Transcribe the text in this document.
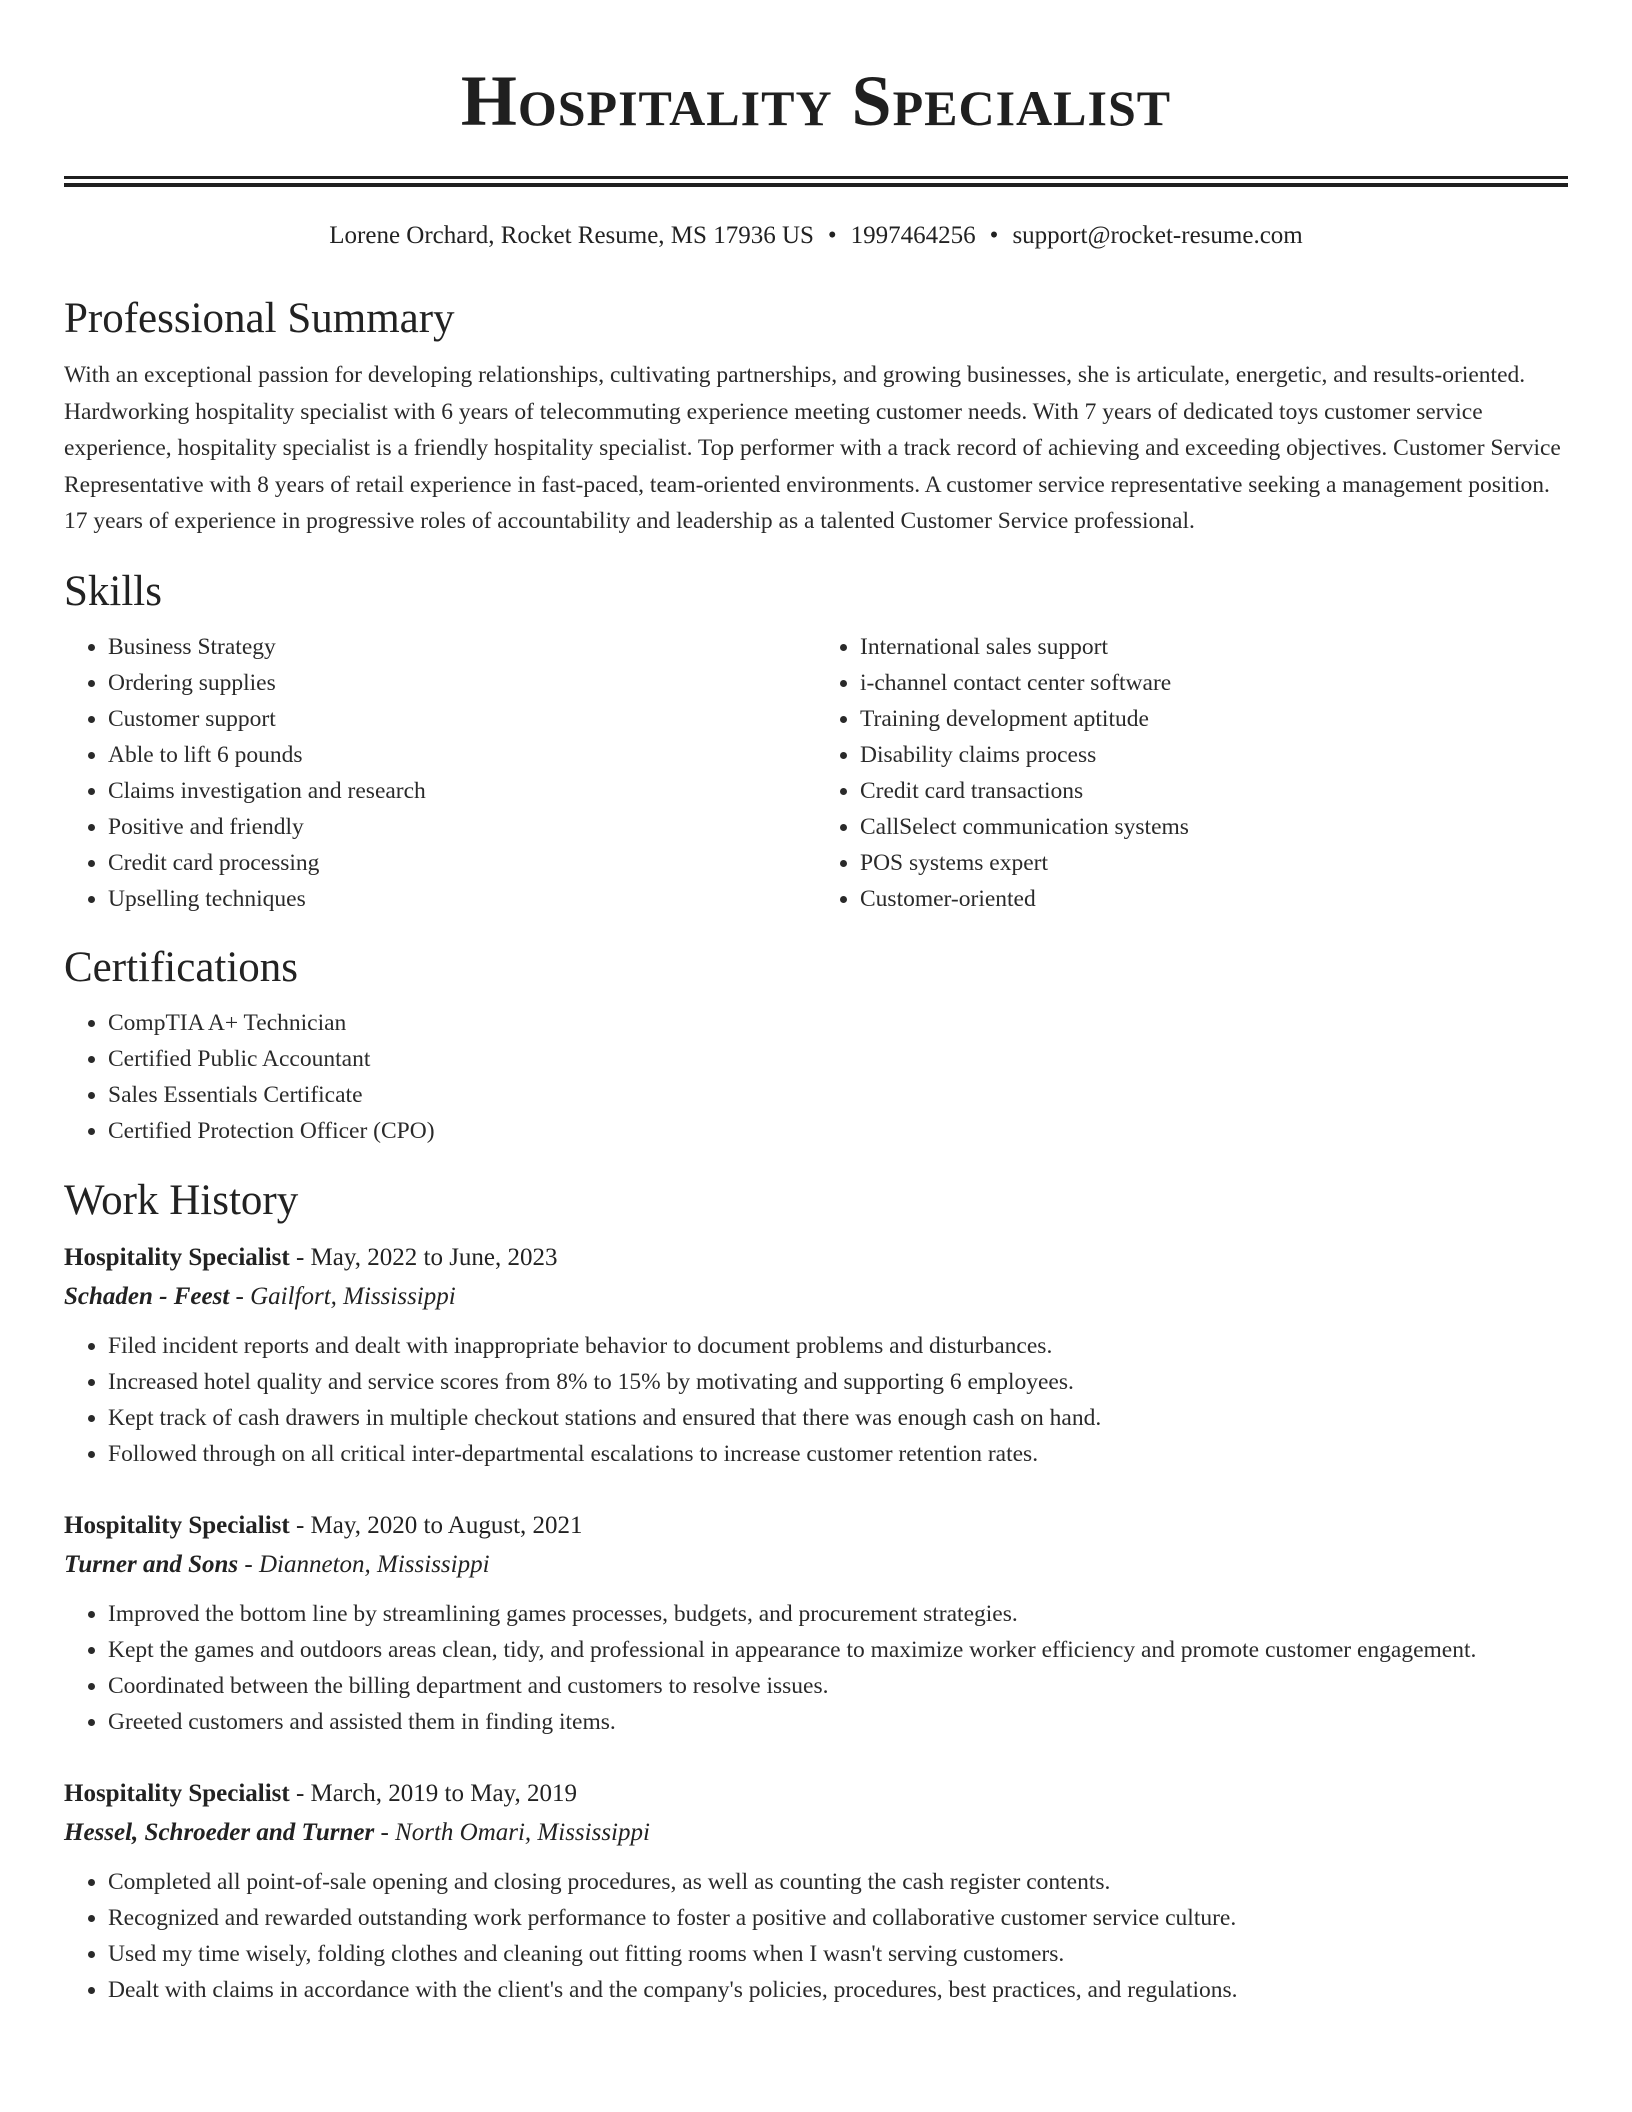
Hospitality Specialist
Lorene Orchard, Rocket Resume, MS 17936 US • 1997464256 • support@rocket-resume.com
Professional Summary
With an exceptional passion for developing relationships, cultivating partnerships, and growing businesses, she is articulate, energetic, and results-oriented. Hardworking hospitality specialist with 6 years of telecommuting experience meeting customer needs. With 7 years of dedicated toys customer service experience, hospitality specialist is a friendly hospitality specialist. Top performer with a track record of achieving and exceeding objectives. Customer Service Representative with 8 years of retail experience in fast-paced, team-oriented environments. A customer service representative seeking a management position. 17 years of experience in progressive roles of accountability and leadership as a talented Customer Service professional.
Skills
• Business Strategy
• Ordering supplies
• Customer support
• Able to lift 6 pounds
• Claims investigation and research
• Positive and friendly
• Credit card processing
• Upselling techniques
• International sales support
• i-channel contact center software
• Training development aptitude
• Disability claims process
• Credit card transactions
• CallSelect communication systems
• POS systems expert
• Customer-oriented
Certifications
• CompTIA A+ Technician
• Certified Public Accountant
• Sales Essentials Certificate
• Certified Protection Officer (CPO)
Work History
Hospitality Specialist - May, 2022 to June, 2023
Schaden - Feest - Gailfort, Mississippi
• Filed incident reports and dealt with inappropriate behavior to document problems and disturbances.
• Increased hotel quality and service scores from 8% to 15% by motivating and supporting 6 employees.
• Kept track of cash drawers in multiple checkout stations and ensured that there was enough cash on hand.
• Followed through on all critical inter-departmental escalations to increase customer retention rates.
Hospitality Specialist - May, 2020 to August, 2021
Turner and Sons - Dianneton, Mississippi
• Improved the bottom line by streamlining games processes, budgets, and procurement strategies.
• Kept the games and outdoors areas clean, tidy, and professional in appearance to maximize worker efficiency and promote customer engagement.
• Coordinated between the billing department and customers to resolve issues.
• Greeted customers and assisted them in finding items.
Hospitality Specialist - March, 2019 to May, 2019
Hessel, Schroeder and Turner - North Omari, Mississippi
• Completed all point-of-sale opening and closing procedures, as well as counting the cash register contents.
• Recognized and rewarded outstanding work performance to foster a positive and collaborative customer service culture.
• Used my time wisely, folding clothes and cleaning out fitting rooms when I wasn't serving customers.
• Dealt with claims in accordance with the client's and the company's policies, procedures, best practices, and regulations.
